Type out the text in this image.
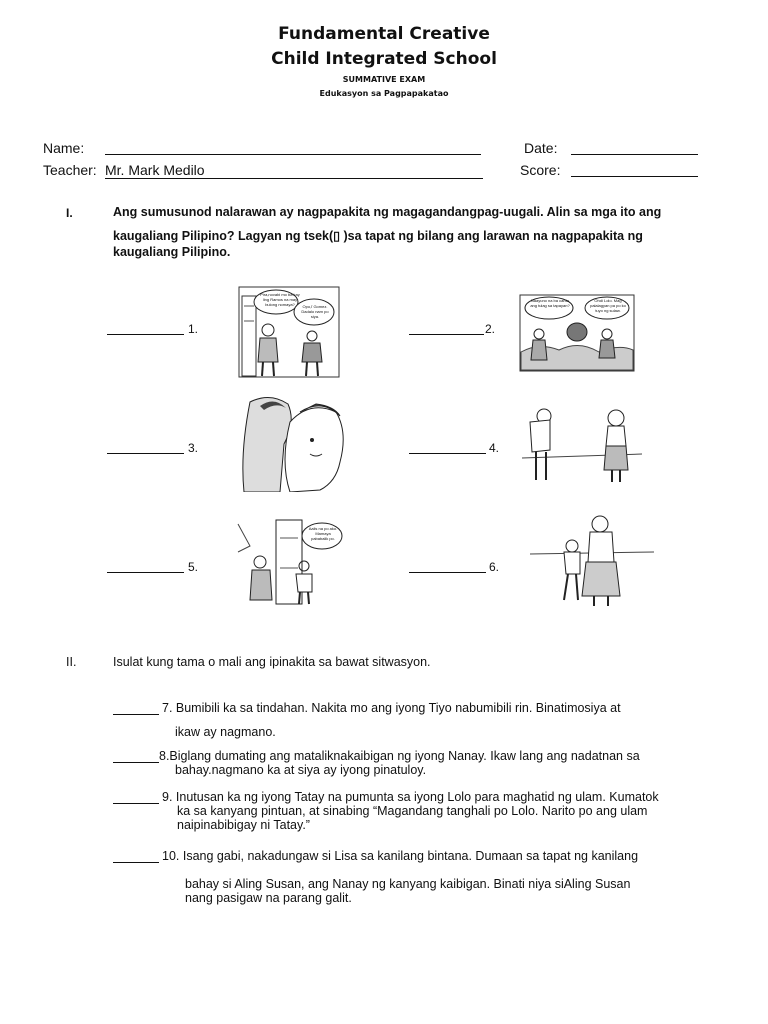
Fundamental Creative
Child Integrated School
SUMMATIVE EXAM
Edukasyon sa Pagpapakatao
Name:	Date:
Teacher: Mr. Mark Medilo	Score:
I.	Ang sumusunod nalarawan ay nagpapakita ng magagandangpag-uugali. Alin sa mga ito ang
kaugaliang Pilipino? Lagyan ng tsek(▯ )sa tapat ng bilang ang larawan na nagpapakita ng
kaugaliang Pilipino.
1.
Pira,novabi mo ba kay ling Ramos na may bulong nomaya?	Opo,ĩ Gomez. Dadalo nam po siya.
2.
Naayuno na ba cardo ang tulag sa tapayan?
Ohdi Lolo. Mag palalagyan pa po ko tuyo ng sulaw.
3.	4.
5.
Aalis na po ako. Mamaya pababalik po.
6.
II.	Isulat kung tama o mali ang ipinakita sa bawat sitwasyon.
7. Bumibili ka sa tindahan. Nakita mo ang iyong Tiyo nabumibili rin. Binatimosiya at
ikaw ay nagmano.
8.Biglang dumating ang mataliknakaibigan ng iyong Nanay. Ikaw lang ang nadatnan sa
bahay.nagmano ka at siya ay iyong pinatuloy.
9. Inutusan ka ng iyong Tatay na pumunta sa iyong Lolo para maghatid ng ulam. Kumatok
ka sa kanyang pintuan, at sinabing “Magandang tanghali po Lolo. Narito po ang ulam
naipinabibigay ni Tatay.”
10. Isang gabi, nakadungaw si Lisa sa kanilang bintana. Dumaan sa tapat ng kanilang
bahay si Aling Susan, ang Nanay ng kanyang kaibigan. Binati niya siAling Susan
nang pasigaw na parang galit.
